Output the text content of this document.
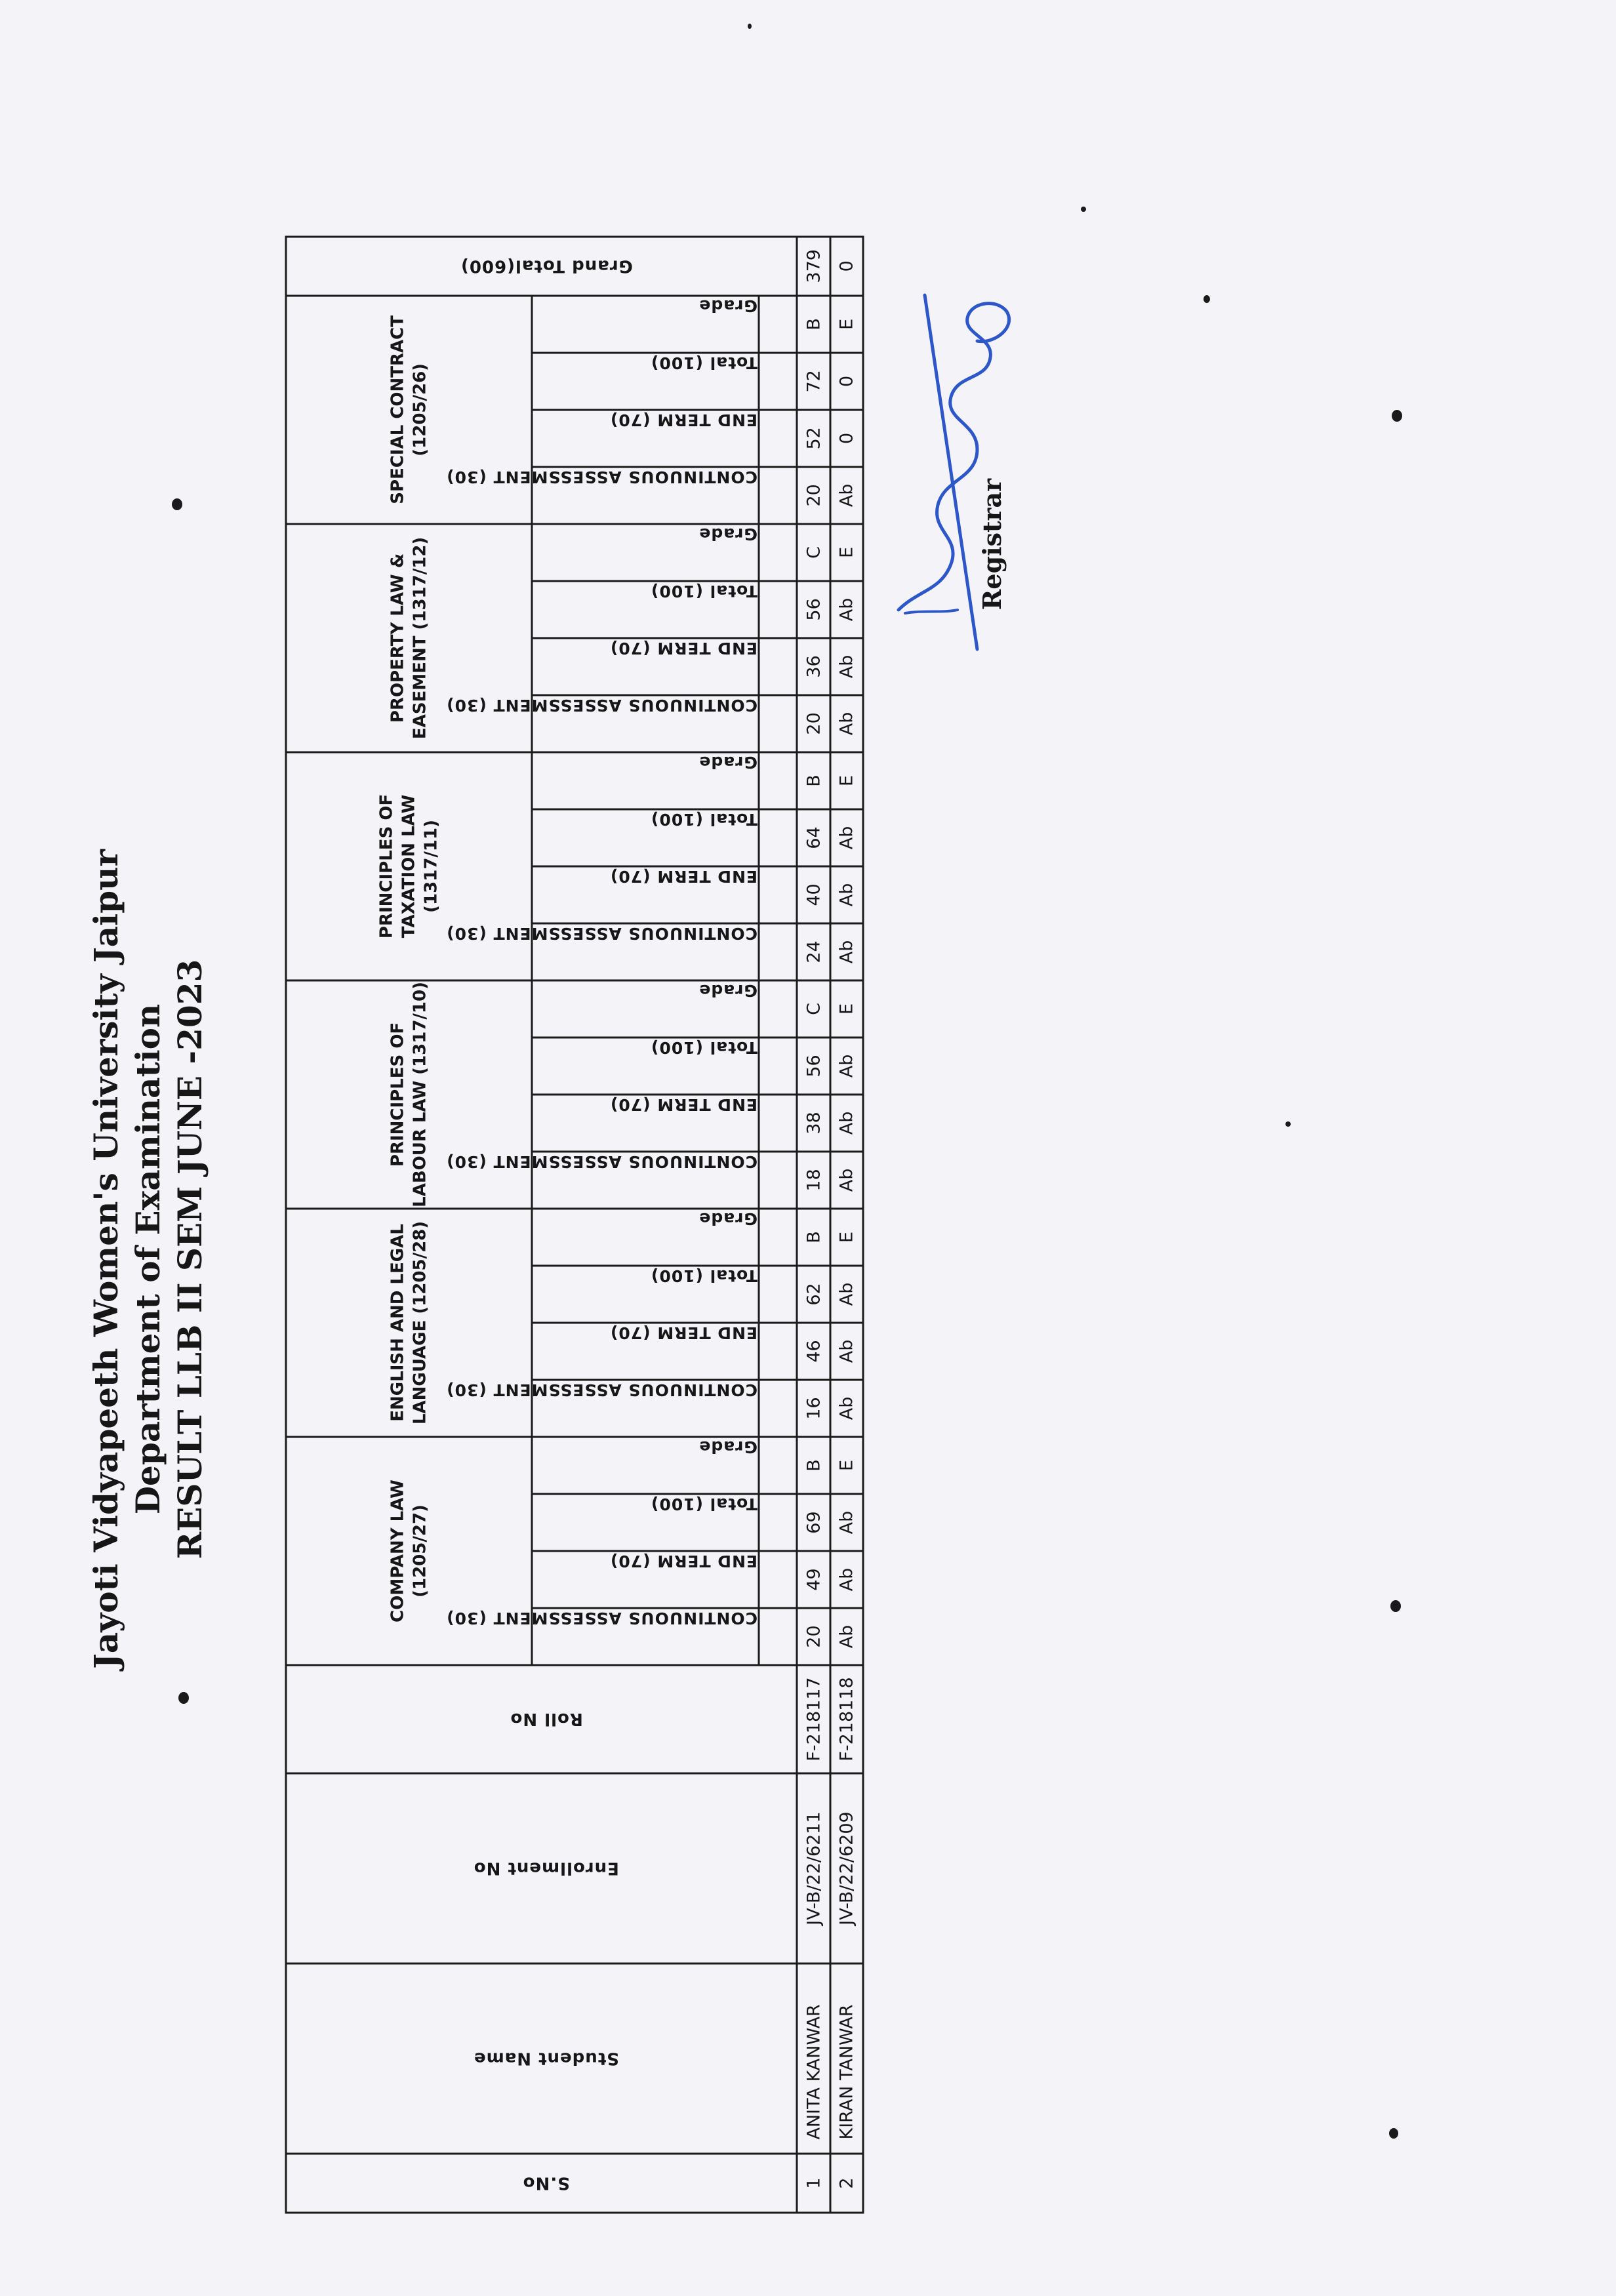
Jayoti Vidyapeeth Women's University Jaipur Department of Examination RESULT LLB II SEM JUNE -2023
S.No	Student Name	Enrollment No	Roll No	COMPANY LAW (1205/27)				ENGLISH AND LEGAL LANGUAGE (1205/28)				PRINCIPLES OF LABOUR LAW (1317/10)				PRINCIPLES OF TAXATION LAW (1317/11)				PROPERTY LAW & EASEMENT (1317/12)				SPECIAL CONTRACT (1205/26)				Grand Total(600)
				CONTINUOUS ASSESSMENT (30)	END TERM (70)	Total (100)	Grade	CONTINUOUS ASSESSMENT (30)	END TERM (70)	Total (100)	Grade	CONTINUOUS ASSESSMENT (30)	END TERM (70)	Total (100)	Grade	CONTINUOUS ASSESSMENT (30)	END TERM (70)	Total (100)	Grade	CONTINUOUS ASSESSMENT (30)	END TERM (70)	Total (100)	Grade	CONTINUOUS ASSESSMENT (30)	END TERM (70)	Total (100)	Grade	

1	ANITA KANWAR	JV-B/22/6211	F-218117	20	49	69	B	16	46	62	B	18	38	56	C	24	40	64	B	20	36	56	C	20	52	72	B	379
2	KIRAN TANWAR	JV-B/22/6209	F-218118	Ab	Ab	Ab	E	Ab	Ab	Ab	E	Ab	Ab	Ab	E	Ab	Ab	Ab	E	Ab	Ab	Ab	E	Ab	0	0	E	0
Registrar
